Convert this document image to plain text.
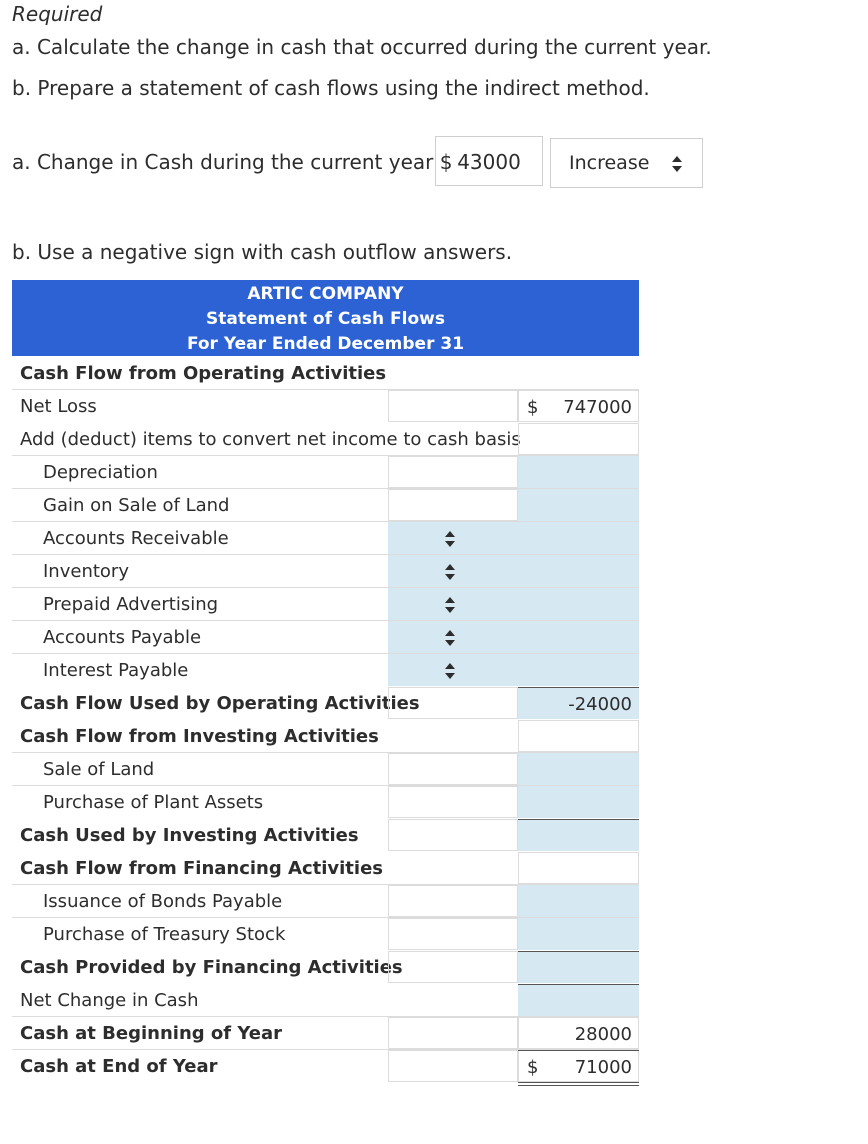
Required
a. Calculate the change in cash that occurred during the current year.
b. Prepare a statement of cash flows using the indirect method.
a. Change in Cash during the current year $ 43000	Increase
b. Use a negative sign with cash outflow answers.
ARTIC COMPANY
Statement of Cash Flows
For Year Ended December 31
Cash Flow from Operating Activities
Net Loss	$ 747000
Add (deduct) items to convert net income to cash basis
Depreciation
Gain on Sale of Land
Accounts Receivable
Inventory
Prepaid Advertising
Accounts Payable
Interest Payable
Cash Flow Used by Operating Activities	-24000
Cash Flow from Investing Activities
Sale of Land
Purchase of Plant Assets
Cash Used by Investing Activities
Cash Flow from Financing Activities
Issuance of Bonds Payable
Purchase of Treasury Stock
Cash Provided by Financing Activities
Net Change in Cash
Cash at Beginning of Year	28000
Cash at End of Year	$ 71000
